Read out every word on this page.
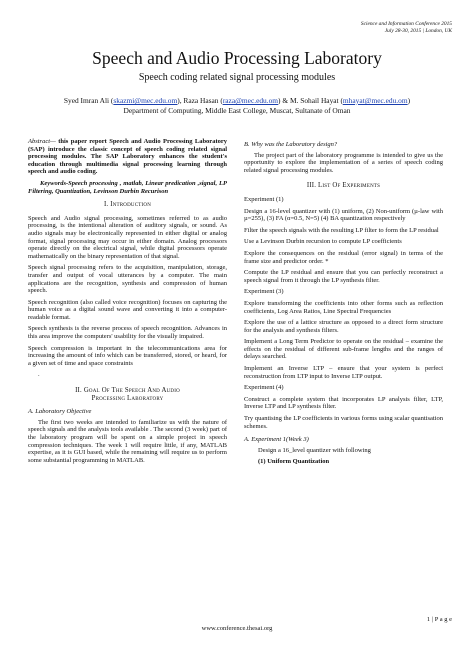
Science and Information Conference 2015
July 28-30, 2015 | London, UK
Speech and Audio Processing Laboratory
Speech coding related signal processing modules
Syed Imran Ali (skazmi@mec.edu.om), Raza Hasan (raza@mec.edu.om) & M. Sohail Hayat (mhayat@mec.edu.om)
Department of Computing, Middle East College, Muscat, Sultanate of Oman

Abstract— this paper report Speech and Audio Processing Laboratory (SAP) introduce the classic concept of speech coding related signal processing modules. The SAP Laboratory enhances the student's education through multimedia signal processing learning through speech and audio coding.

Keywords-Speech processing , matlab, Linear predication ,signal, LP Filtering, Quantization, Levinson Durbin Recurison

I. Introduction

Speech and Audio signal processing, sometimes referred to as audio processing, is the intentional alteration of auditory signals, or sound. As audio signals may be electronically represented in either digital or analog format, signal processing may occur in either domain. Analog processors operate directly on the electrical signal, while digital processors operate mathematically on the binary representation of that signal.

Speech signal processing refers to the acquisition, manipulation, storage, transfer and output of vocal utterances by a computer. The main applications are the recognition, synthesis and compression of human speech.

Speech recognition (also called voice recognition) focuses on capturing the human voice as a digital sound wave and converting it into a computer-readable format.

Speech synthesis is the reverse process of speech recognition. Advances in this area improve the computers' usability for the visually impaired.

Speech compression is important in the telecommunications area for increasing the amount of info which can be transferred, stored, or heard, for a given set of time and space constraints

.

II. Goal Of The Speech And Audio
Processing Laboratory
A. Laboratory Objective

The first two weeks are intended to familiarize us with the nature of speech signals and the analysis tools available . The second (3 week) part of the laboratory program will be spent on a simple project in speech compression techniques. The week 1 will require little, if any, MATLAB expertise, as it is GUI based, while the remaining will require us to perform some substantial programming in MATLAB.

B. Why was the Laboratory design?

The project part of the laboratory programme is intended to give us the opportunity to explore the implementation of a series of speech coding related signal processing modules.

III. List Of Experiments

Experiment (1)

Design a 16-level quantizer with (1) uniform, (2) Non-uniform (µ-law with µ=255), (3) FA (α=0.5, N=5) (4) BA quantization respectively

Filter the speech signals with the resulting LP filter to form the LP residual

Use a Levinson Durbin recursion to compute LP coefficients

Explore the consequences on the residual (error signal) in terms of the frame size and predictor order. *

Compute the LP residual and ensure that you can perfectly reconstruct a speech signal from it through the LP synthesis filter.

Experiment (3)

Explore transforming the coefficients into other forms such as reflection coefficients, Log Area Ratios, Line Spectral Frequencies

Explore the use of a lattice structure as opposed to a direct form structure for the analysis and synthesis filters.

Implement a Long Term Predictor to operate on the residual – examine the effects on the residual of different sub-frame lengths and the ranges of delays searched.

Implement an Inverse LTP – ensure that your system is perfect reconstruction from LTP input to Inverse LTP output.

Experiment (4)

Construct a complete system that incorporates LP analysis filter, LTP, Inverse LTP and LP synthesis filter.

Try quantising the LP coefficients in various forms using scalar quantisation schemes.

A. Experiment 1(Week 3)

Design a 16_level quantizer with following

(1) Uniform Quantization

1 | P a g e
www.conference.thesai.org
